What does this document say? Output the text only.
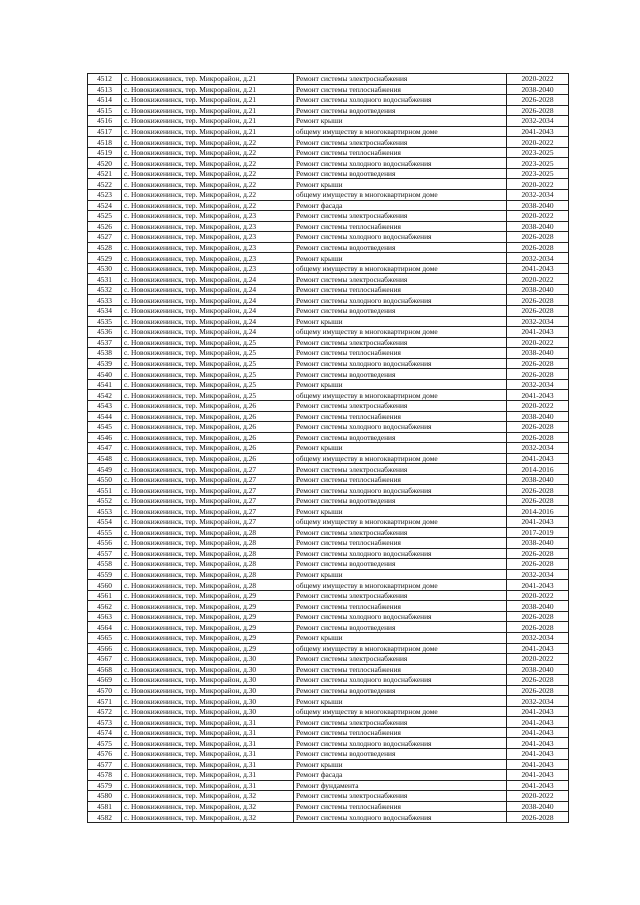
4512	с. Новокиженинск, тер. Микрорайон, д.21	Ремонт системы электроснабжения	2020-2022
4513	с. Новокиженинск, тер. Микрорайон, д.21	Ремонт системы теплоснабжения	2038-2040
4514	с. Новокиженинск, тер. Микрорайон, д.21	Ремонт системы холодного водоснабжения	2026-2028
4515	с. Новокиженинск, тер. Микрорайон, д.21	Ремонт системы водоотведения	2026-2028
4516	с. Новокиженинск, тер. Микрорайон, д.21	Ремонт крыши	2032-2034
4517	с. Новокиженинск, тер. Микрорайон, д.21	общему имуществу в многоквартирном доме	2041-2043
4518	с. Новокиженинск, тер. Микрорайон, д.22	Ремонт системы электроснабжения	2020-2022
4519	с. Новокиженинск, тер. Микрорайон, д.22	Ремонт системы теплоснабжения	2023-2025
4520	с. Новокиженинск, тер. Микрорайон, д.22	Ремонт системы холодного водоснабжения	2023-2025
4521	с. Новокиженинск, тер. Микрорайон, д.22	Ремонт системы водоотведения	2023-2025
4522	с. Новокиженинск, тер. Микрорайон, д.22	Ремонт крыши	2020-2022
4523	с. Новокиженинск, тер. Микрорайон, д.22	общему имуществу в многоквартирном доме	2032-2034
4524	с. Новокиженинск, тер. Микрорайон, д.22	Ремонт фасада	2038-2040
4525	с. Новокиженинск, тер. Микрорайон, д.23	Ремонт системы электроснабжения	2020-2022
4526	с. Новокиженинск, тер. Микрорайон, д.23	Ремонт системы теплоснабжения	2038-2040
4527	с. Новокиженинск, тер. Микрорайон, д.23	Ремонт системы холодного водоснабжения	2026-2028
4528	с. Новокиженинск, тер. Микрорайон, д.23	Ремонт системы водоотведения	2026-2028
4529	с. Новокиженинск, тер. Микрорайон, д.23	Ремонт крыши	2032-2034
4530	с. Новокиженинск, тер. Микрорайон, д.23	общему имуществу в многоквартирном доме	2041-2043
4531	с. Новокиженинск, тер. Микрорайон, д.24	Ремонт системы электроснабжения	2020-2022
4532	с. Новокиженинск, тер. Микрорайон, д.24	Ремонт системы теплоснабжения	2038-2040
4533	с. Новокиженинск, тер. Микрорайон, д.24	Ремонт системы холодного водоснабжения	2026-2028
4534	с. Новокиженинск, тер. Микрорайон, д.24	Ремонт системы водоотведения	2026-2028
4535	с. Новокиженинск, тер. Микрорайон, д.24	Ремонт крыши	2032-2034
4536	с. Новокиженинск, тер. Микрорайон, д.24	общему имуществу в многоквартирном доме	2041-2043
4537	с. Новокиженинск, тер. Микрорайон, д.25	Ремонт системы электроснабжения	2020-2022
4538	с. Новокиженинск, тер. Микрорайон, д.25	Ремонт системы теплоснабжения	2038-2040
4539	с. Новокиженинск, тер. Микрорайон, д.25	Ремонт системы холодного водоснабжения	2026-2028
4540	с. Новокиженинск, тер. Микрорайон, д.25	Ремонт системы водоотведения	2026-2028
4541	с. Новокиженинск, тер. Микрорайон, д.25	Ремонт крыши	2032-2034
4542	с. Новокиженинск, тер. Микрорайон, д.25	общему имуществу в многоквартирном доме	2041-2043
4543	с. Новокиженинск, тер. Микрорайон, д.26	Ремонт системы электроснабжения	2020-2022
4544	с. Новокиженинск, тер. Микрорайон, д.26	Ремонт системы теплоснабжения	2038-2040
4545	с. Новокиженинск, тер. Микрорайон, д.26	Ремонт системы холодного водоснабжения	2026-2028
4546	с. Новокиженинск, тер. Микрорайон, д.26	Ремонт системы водоотведения	2026-2028
4547	с. Новокиженинск, тер. Микрорайон, д.26	Ремонт крыши	2032-2034
4548	с. Новокиженинск, тер. Микрорайон, д.26	общему имуществу в многоквартирном доме	2041-2043
4549	с. Новокиженинск, тер. Микрорайон, д.27	Ремонт системы электроснабжения	2014-2016
4550	с. Новокиженинск, тер. Микрорайон, д.27	Ремонт системы теплоснабжения	2038-2040
4551	с. Новокиженинск, тер. Микрорайон, д.27	Ремонт системы холодного водоснабжения	2026-2028
4552	с. Новокиженинск, тер. Микрорайон, д.27	Ремонт системы водоотведения	2026-2028
4553	с. Новокиженинск, тер. Микрорайон, д.27	Ремонт крыши	2014-2016
4554	с. Новокиженинск, тер. Микрорайон, д.27	общему имуществу в многоквартирном доме	2041-2043
4555	с. Новокиженинск, тер. Микрорайон, д.28	Ремонт системы электроснабжения	2017-2019
4556	с. Новокиженинск, тер. Микрорайон, д.28	Ремонт системы теплоснабжения	2038-2040
4557	с. Новокиженинск, тер. Микрорайон, д.28	Ремонт системы холодного водоснабжения	2026-2028
4558	с. Новокиженинск, тер. Микрорайон, д.28	Ремонт системы водоотведения	2026-2028
4559	с. Новокиженинск, тер. Микрорайон, д.28	Ремонт крыши	2032-2034
4560	с. Новокиженинск, тер. Микрорайон, д.28	общему имуществу в многоквартирном доме	2041-2043
4561	с. Новокиженинск, тер. Микрорайон, д.29	Ремонт системы электроснабжения	2020-2022
4562	с. Новокиженинск, тер. Микрорайон, д.29	Ремонт системы теплоснабжения	2038-2040
4563	с. Новокиженинск, тер. Микрорайон, д.29	Ремонт системы холодного водоснабжения	2026-2028
4564	с. Новокиженинск, тер. Микрорайон, д.29	Ремонт системы водоотведения	2026-2028
4565	с. Новокиженинск, тер. Микрорайон, д.29	Ремонт крыши	2032-2034
4566	с. Новокиженинск, тер. Микрорайон, д.29	общему имуществу в многоквартирном доме	2041-2043
4567	с. Новокиженинск, тер. Микрорайон, д.30	Ремонт системы электроснабжения	2020-2022
4568	с. Новокиженинск, тер. Микрорайон, д.30	Ремонт системы теплоснабжения	2038-2040
4569	с. Новокиженинск, тер. Микрорайон, д.30	Ремонт системы холодного водоснабжения	2026-2028
4570	с. Новокиженинск, тер. Микрорайон, д.30	Ремонт системы водоотведения	2026-2028
4571	с. Новокиженинск, тер. Микрорайон, д.30	Ремонт крыши	2032-2034
4572	с. Новокиженинск, тер. Микрорайон, д.30	общему имуществу в многоквартирном доме	2041-2043
4573	с. Новокиженинск, тер. Микрорайон, д.31	Ремонт системы электроснабжения	2041-2043
4574	с. Новокиженинск, тер. Микрорайон, д.31	Ремонт системы теплоснабжения	2041-2043
4575	с. Новокиженинск, тер. Микрорайон, д.31	Ремонт системы холодного водоснабжения	2041-2043
4576	с. Новокиженинск, тер. Микрорайон, д.31	Ремонт системы водоотведения	2041-2043
4577	с. Новокиженинск, тер. Микрорайон, д.31	Ремонт крыши	2041-2043
4578	с. Новокиженинск, тер. Микрорайон, д.31	Ремонт фасада	2041-2043
4579	с. Новокиженинск, тер. Микрорайон, д.31	Ремонт фундамента	2041-2043
4580	с. Новокиженинск, тер. Микрорайон, д.32	Ремонт системы электроснабжения	2020-2022
4581	с. Новокиженинск, тер. Микрорайон, д.32	Ремонт системы теплоснабжения	2038-2040
4582	с. Новокиженинск, тер. Микрорайон, д.32	Ремонт системы холодного водоснабжения	2026-2028
